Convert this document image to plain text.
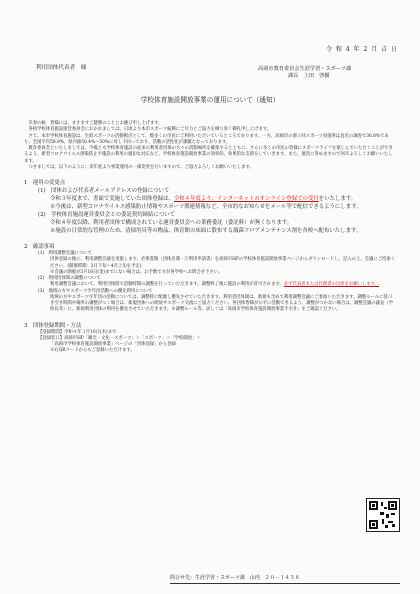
令 和 4 年 2 月 吉 日
利用団体代表者　様	高岡市教育委員会生涯学習・スポーツ課
課長　上田　啓樹
学校体育施設開放事業の運用について（通知）

早春の候　皆様には、ますますご健勝のこととお慶び申し上げます。

各校学校体育施設運営委員会におかれましては、日頃より本市スポーツ振興にご尽力とご協力を賜り厚く御礼申し上げます。

さて、本市学校体育施設は、生涯スポーツの活動拠点として、数多くの市民にご利用いただいているところであります。一方、高岡市の週１回スポーツ実施率は直近の調査で36.8%であり、全国平均59.9%、県内値50.4%〜50%に対し下回っており、活動の活性化が課題となっております。

教育委員会といたしましては、今後とも学校体育施設の従来の利用者団体の方々の活動場所を確保するとともに、さらに多くの市民の皆様にスポーツライフを楽しんでいただくことができるよう、新型コロナウイルス感染防止や施設の利用の適切な対応など、学校体育施設開放事業の効率的、効果的な支援をしていきます。また、運営に努めますので何卒よろしくお願いいたします。

つきましては、以下のように、来年度より事業運用の一部変更を行いますので、ご協力よろしくお願いいたします。

1　運用の変更点

(1)　団体および代表者メールアドレスの登録について

令和３年度まで、書面で実施していた団体登録は、令和４年度より、インターネットのオンライン登録での受付をいたします。

※今後は、新型コロナウイルス感染防止情報やスポーツ関連情報など、全市的なお知らせをメール等で配信できるようにします。

(2)　学校体育施設運営委員会との委託契約締結について

令和４年度以降、利用者団体で構成されている運営委員会への業務委託（委託料）が無くなります。

※施設の日常的な管理のため、清掃用具等の物品、体育館の床面に散布する滅菌フロアメンテナンス剤を各校へ配布いたします。

2　確認事項

(1)　利用調整会議について

団体登録の後に、利用調整会議を実施します。必要書類（団体名簿・①利用申請書）を高岡市HPの学校体育施設開放事業ページからダウンロードし、記入の上、会議にご持参ください。(開催時期：3月下旬〜4月上旬を予定)

※会議の開催が3月16日(金)までにない場合は、お手数ですが各学校へお問合せ下さい。

(2)　利用団体間の調整について

利用調整会議において、利用団体間で活動時間の調整を行っていただきます。調整終了後に施設の利用が許可されます。必ず代表者または代理者の出席をお願いします。

(3)　地域の方やスポーツ少年団活動への優先利用について

地域の方やスポーツ少年団の活動については、調整時に配慮し優先させていただきます。利用者団体間は、新規も含めて利用調整会議にご参加いただきます。調整ルールに基づき空き時間や場所の調整がつく場合は、新規団体への開放やスポーツ交流にご協力ください。各団体皆様が公平に活動できるよう、調整がつかない場合は、調整会議の議長（学校長等）に、新規利用団体の利用を優先させていただきます。※調整ルール等、詳しくは「高岡市学校体育施設開放事業手引き」をご確認ください。

3　団体登録期間・方法

【登録期間】令和４年３月10日(木)まで

【登録窓口】高岡市HP「観光・文化・スポーツ」＞「スポーツ」＞「学校開放」＞

「高岡市学校体育施設開放事業」ページの「団体登録」から登録

※右QRコードからもご登録いただけます。

問合せ先：生涯学習・スポーツ課　山内　２０－１４５８
